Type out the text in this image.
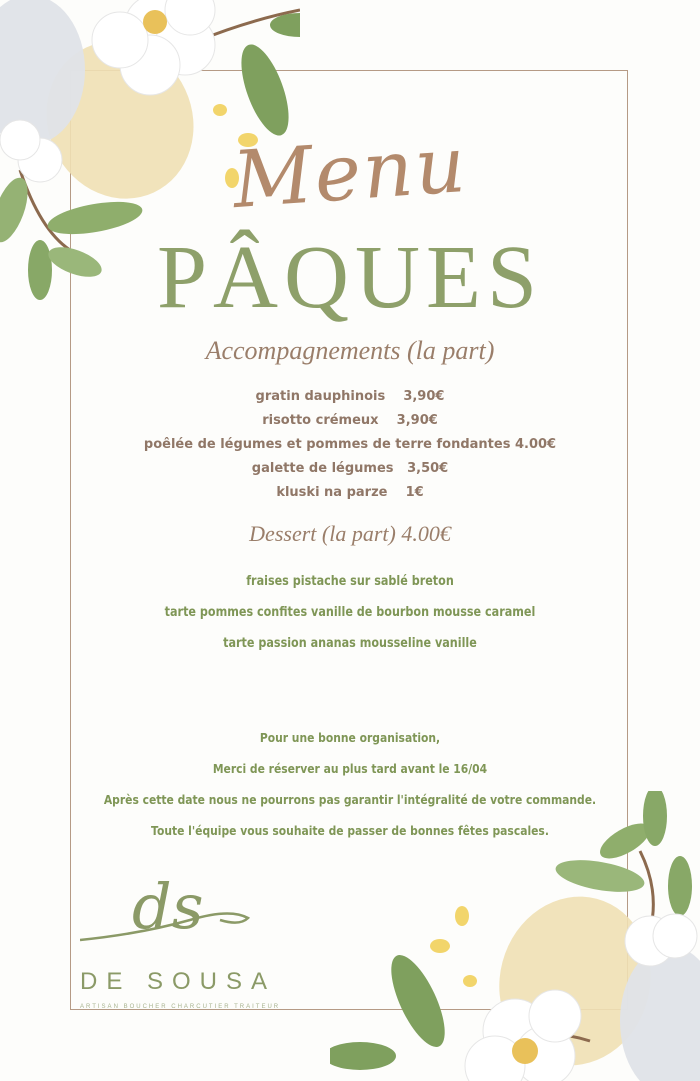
Menu
PÂQUES
Accompagnements (la part)
gratin dauphinois    3,90€
risotto crémeux    3,90€
poêlée de légumes et pommes de terre fondantes 4.00€
galette de légumes   3,50€
kluski na parze    1€
Dessert (la part) 4.00€
fraises pistache sur sablé breton
tarte pommes confites vanille de bourbon mousse caramel
tarte passion ananas mousseline vanille
Pour une bonne organisation,
Merci de réserver au plus tard avant le 16/04
Après cette date nous ne pourrons pas garantir l'intégralité de votre commande.
Toute l'équipe vous souhaite de passer de bonnes fêtes pascales.
ds
DE SOUSA
ARTISAN BOUCHER CHARCUTIER TRAITEUR
